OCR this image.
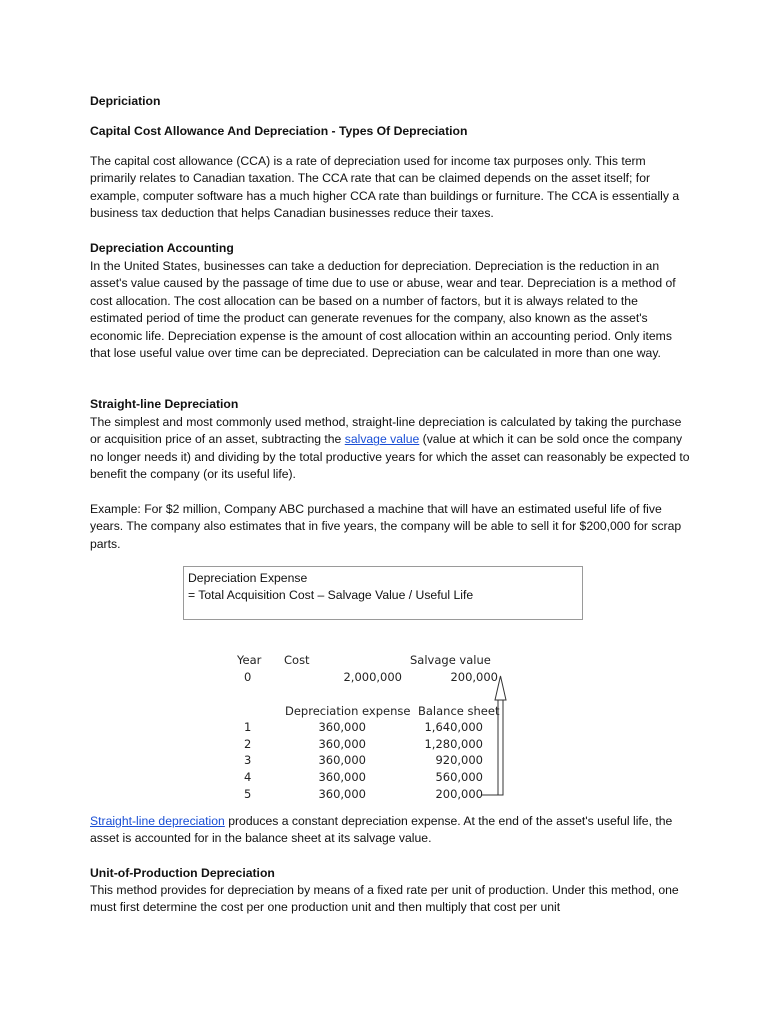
Depriciation

Capital Cost Allowance And Depreciation - Types Of Depreciation

The capital cost allowance (CCA) is a rate of depreciation used for income tax purposes only. This term primarily relates to Canadian taxation. The CCA rate that can be claimed depends on the asset itself; for example, computer software has a much higher CCA rate than buildings or furniture. The CCA is essentially a business tax deduction that helps Canadian businesses reduce their taxes.

Depreciation Accounting

In the United States, businesses can take a deduction for depreciation. Depreciation is the reduction in an asset's value caused by the passage of time due to use or abuse, wear and tear. Depreciation is a method of cost allocation. The cost allocation can be based on a number of factors, but it is always related to the estimated period of time the product can generate revenues for the company, also known as the asset's economic life. Depreciation expense is the amount of cost allocation within an accounting period. Only items that lose useful value over time can be depreciated. Depreciation can be calculated in more than one way.

Straight-line Depreciation

The simplest and most commonly used method, straight-line depreciation is calculated by taking the purchase or acquisition price of an asset, subtracting the salvage value (value at which it can be sold once the company no longer needs it) and dividing by the total productive years for which the asset can reasonably be expected to benefit the company (or its useful life).

Example: For $2 million, Company ABC purchased a machine that will have an estimated useful life of five years. The company also estimates that in five years, the company will be able to sell it for $200,000 for scrap parts.

Depreciation Expense
= Total Acquisition Cost – Salvage Value / Useful Life
Year Cost	Salvage value
0	2,000,000	200,000
Depreciation expense Balance sheet
1	360,000	1,640,000
2	360,000	1,280,000
3	360,000	920,000
4	360,000	560,000
5	360,000	200,000

Straight-line depreciation produces a constant depreciation expense. At the end of the asset's useful life, the asset is accounted for in the balance sheet at its salvage value.

Unit-of-Production Depreciation

This method provides for depreciation by means of a fixed rate per unit of production. Under this method, one must first determine the cost per one production unit and then multiply that cost per unit
